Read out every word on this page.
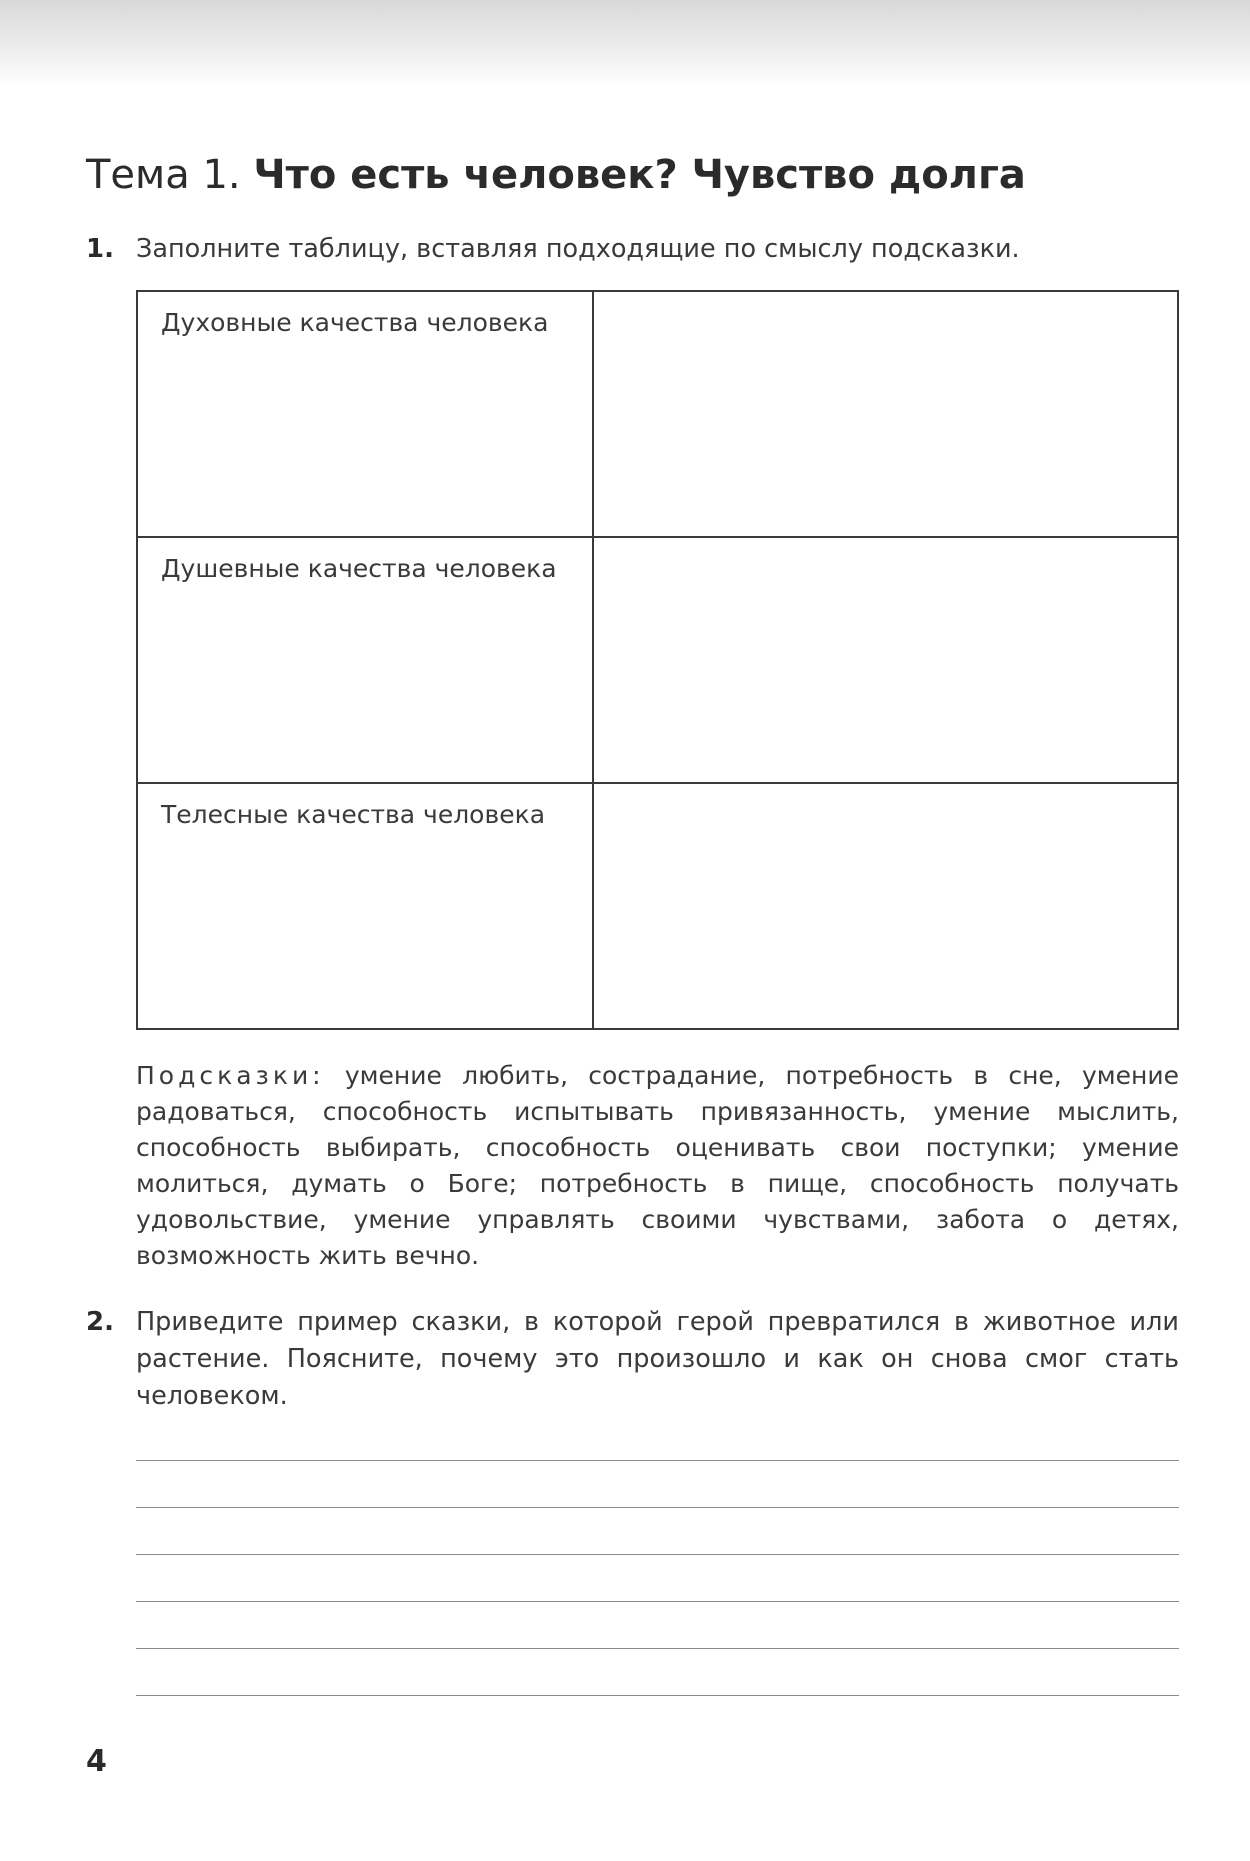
Тема 1. Что есть человек? Чувство долга
1. Заполните таблицу, вставляя подходящие по смыслу подсказки.
Духовные качества человека	

Душевные качества человека	

Телесные качества человека	

Подсказки: умение любить, сострадание, потребность в сне, умение радоваться, способность испытывать привязанность, умение мыслить, способность выбирать, способность оценивать свои поступки; умение молиться, думать о Боге; потребность в пище, способность получать удовольствие, умение управлять своими чувствами, забота о детях, возможность жить вечно.

2. Приведите пример сказки, в которой герой превратился в животное или растение. Поясните, почему это произошло и как он снова смог стать человеком.
4
